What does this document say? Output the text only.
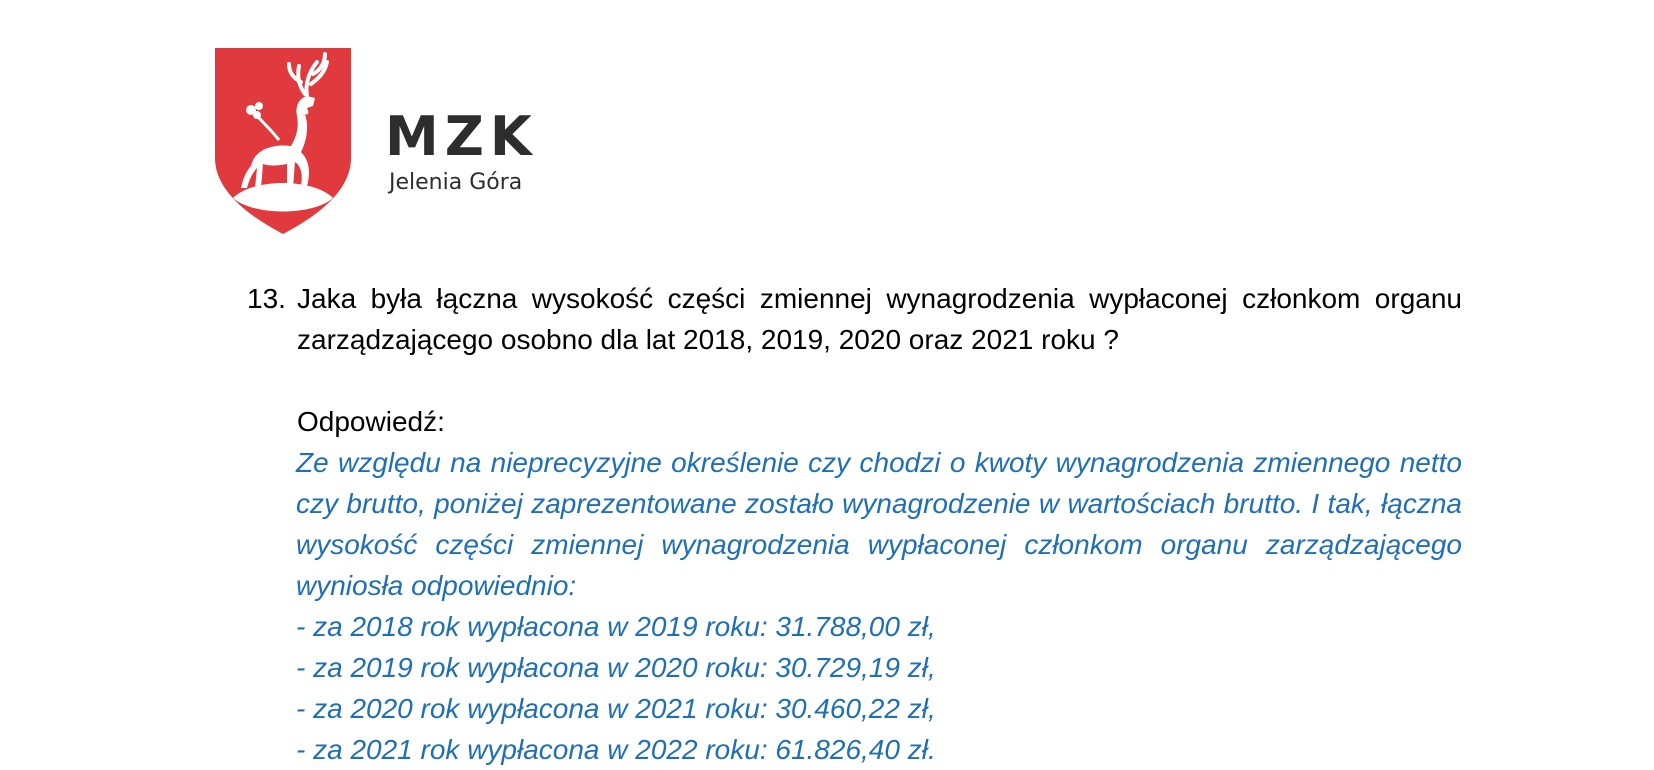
MZK
Jelenia Góra
13. Jaka była łączna wysokość części zmiennej wynagrodzenia wypłaconej członkom organu zarządzającego osobno dla lat 2018, 2019, 2020 oraz 2021 roku ?
Odpowiedź:

Ze względu na nieprecyzyjne określenie czy chodzi o kwoty wynagrodzenia zmiennego netto czy brutto, poniżej zaprezentowane zostało wynagrodzenie w wartościach brutto. I tak, łączna wysokość części zmiennej wynagrodzenia wypłaconej członkom organu zarządzającego wyniosła odpowiednio:

- za 2018 rok wypłacona w 2019 roku: 31.788,00 zł,
- za 2019 rok wypłacona w 2020 roku: 30.729,19 zł,
- za 2020 rok wypłacona w 2021 roku: 30.460,22 zł,
- za 2021 rok wypłacona w 2022 roku: 61.826,40 zł.
